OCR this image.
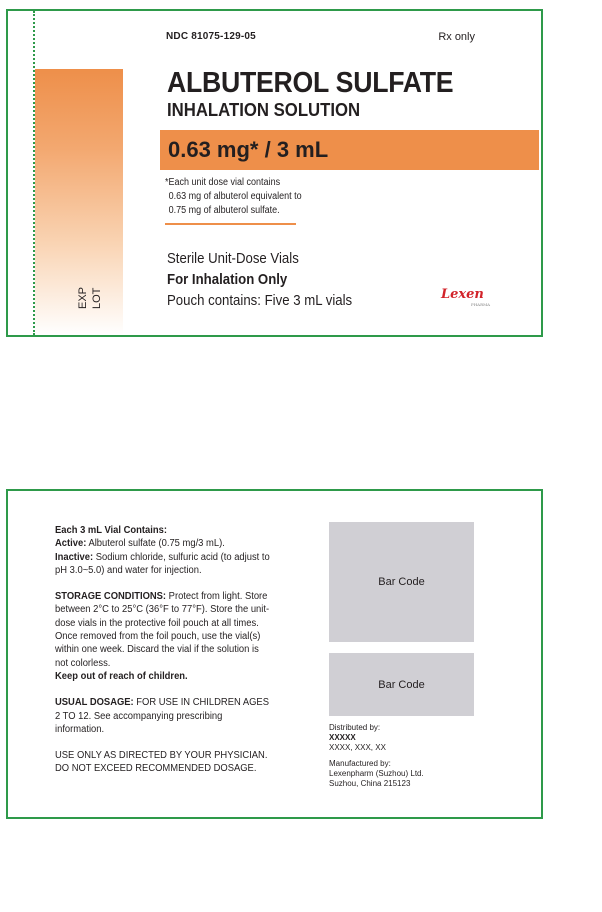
EXP LOT
NDC 81075-129-05	Rx only
ALBUTEROL SULFATE
INHALATION SOLUTION
0.63 mg* / 3 mL
*Each unit dose vial contains
0.63 mg of albuterol equivalent to
0.75 mg of albuterol sulfate.
Sterile Unit-Dose Vials
For Inhalation Only
Pouch contains: Five 3 mL vials	Lexen
PHARMA

Each 3 mL Vial Contains:

Active: Albuterol sulfate (0.75 mg/3 mL).

Inactive: Sodium chloride, sulfuric acid (to adjust to pH 3.0~5.0) and water for injection.

STORAGE CONDITIONS: Protect from light. Store between 2°C to 25°C (36°F to 77°F). Store the unit-dose vials in the protective foil pouch at all times. Once removed from the foil pouch, use the vial(s) within one week. Discard the vial if the solution is not colorless.

Keep out of reach of children.

USUAL DOSAGE: FOR USE IN CHILDREN AGES 2 TO 12. See accompanying prescribing information.

USE ONLY AS DIRECTED BY YOUR PHYSICIAN. DO NOT EXCEED RECOMMENDED DOSAGE.

Bar Code
Bar Code
Distributed by:
XXXXX
XXXX, XXX, XX
Manufactured by:
Lexenpharm (Suzhou) Ltd.
Suzhou, China 215123
